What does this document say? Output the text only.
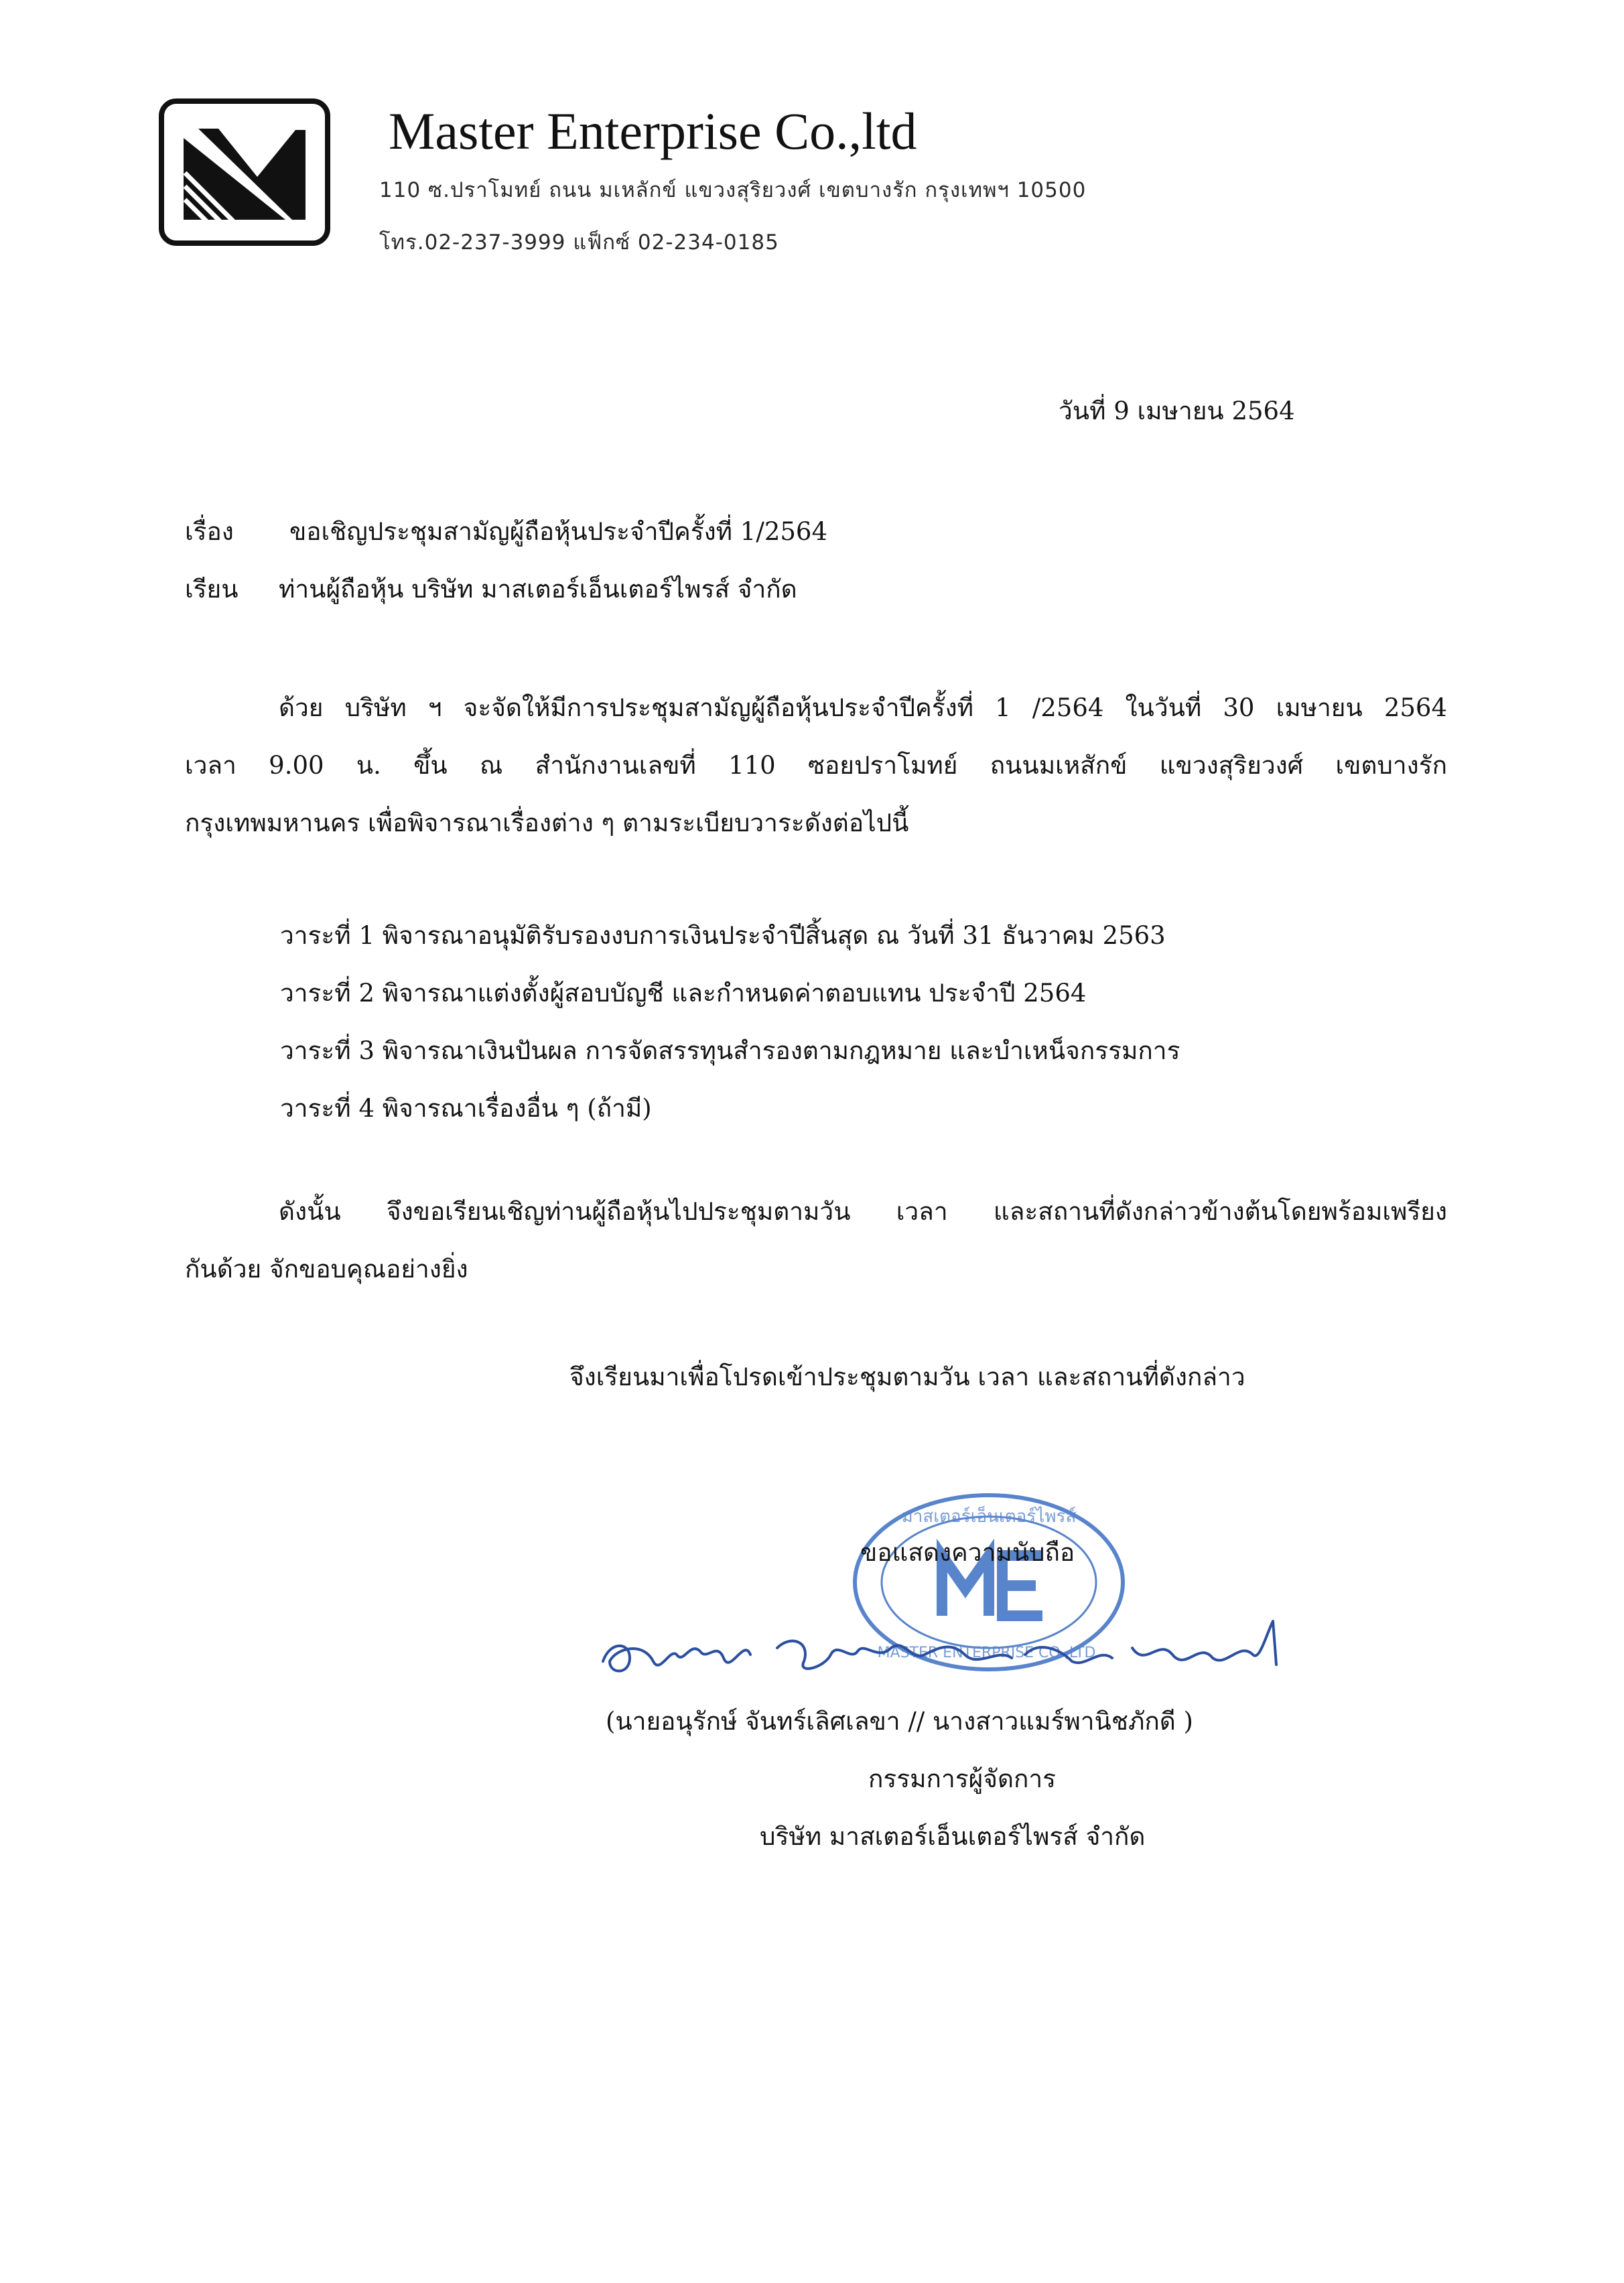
Master Enterprise Co.,ltd
110 ซ.ปราโมทย์ ถนน มเหลักข์ แขวงสุริยวงศ์ เขตบางรัก กรุงเทพฯ 10500
โทร.02-237-3999 แฟ็กซ์ 02-234-0185
วันที่ 9 เมษายน 2564
เรื่อง ขอเชิญประชุมสามัญผู้ถือหุ้นประจำปีครั้งที่ 1/2564
เรียน ท่านผู้ถือหุ้น บริษัท มาสเตอร์เอ็นเตอร์ไพรส์ จำกัด
ด้วย บริษัท ฯ จะจัดให้มีการประชุมสามัญผู้ถือหุ้นประจำปีครั้งที่ 1 /2564 ในวันที่ 30 เมษายน 2564
เวลา 9.00 น. ขึ้น ณ สำนักงานเลขที่ 110 ซอยปราโมทย์ ถนนมเหสักข์ แขวงสุริยวงศ์ เขตบางรัก
กรุงเทพมหานคร เพื่อพิจารณาเรื่องต่าง ๆ ตามระเบียบวาระดังต่อไปนี้
วาระที่ 1 พิจารณาอนุมัติรับรองงบการเงินประจำปีสิ้นสุด ณ วันที่ 31 ธันวาคม 2563
วาระที่ 2 พิจารณาแต่งตั้งผู้สอบบัญชี และกำหนดค่าตอบแทน ประจำปี 2564
วาระที่ 3 พิจารณาเงินปันผล การจัดสรรทุนสำรองตามกฎหมาย และบำเหน็จกรรมการ
วาระที่ 4 พิจารณาเรื่องอื่น ๆ (ถ้ามี)
ดังนั้น จึงขอเรียนเชิญท่านผู้ถือหุ้นไปประชุมตามวัน เวลา และสถานที่ดังกล่าวข้างต้นโดยพร้อมเพรียง
กันด้วย จักขอบคุณอย่างยิ่ง
จึงเรียนมาเพื่อโปรดเข้าประชุมตามวัน เวลา และสถานที่ดังกล่าว
มาสเตอร์เอ็นเตอร์ไพรส์
MASTER ENTERPRISE CO.,LTD.
ขอแสดงความนับถือ
(นายอนุรักษ์ จันทร์เลิศเลขา // นางสาวแมร์พานิชภักดี )
กรรมการผู้จัดการ
บริษัท มาสเตอร์เอ็นเตอร์ไพรส์ จำกัด
